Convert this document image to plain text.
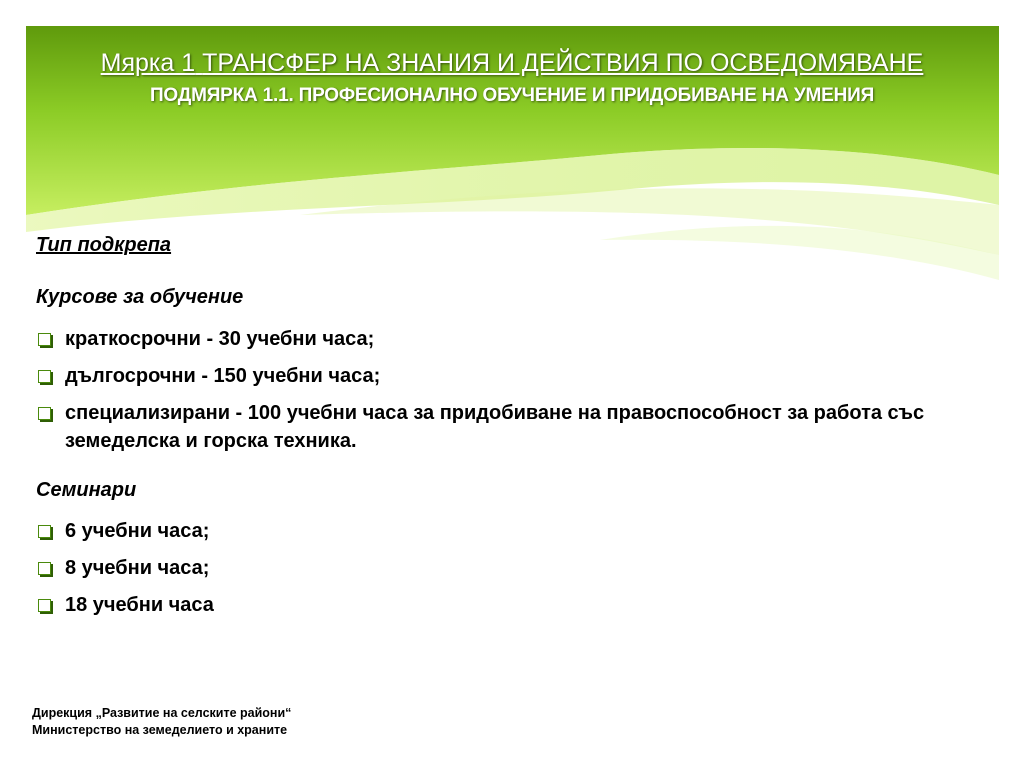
Мярка 1 ТРАНСФЕР НА ЗНАНИЯ И ДЕЙСТВИЯ ПО ОСВЕДОМЯВАНЕ

ПОДМЯРКА 1.1. ПРОФЕСИОНАЛНО ОБУЧЕНИЕ И ПРИДОБИВАНЕ НА УМЕНИЯ

Тип подкрепа

Курсове за обучение

краткосрочни - 30 учебни часа;
дългосрочни - 150 учебни часа;
специализирани - 100 учебни часа за придобиване на правоспособност за работа със земеделска и горска техника.

Семинари

6 учебни часа;
8 учебни часа;
18 учебни часа

Дирекция „Развитие на селските райони“

Министерство на земеделието и храните
